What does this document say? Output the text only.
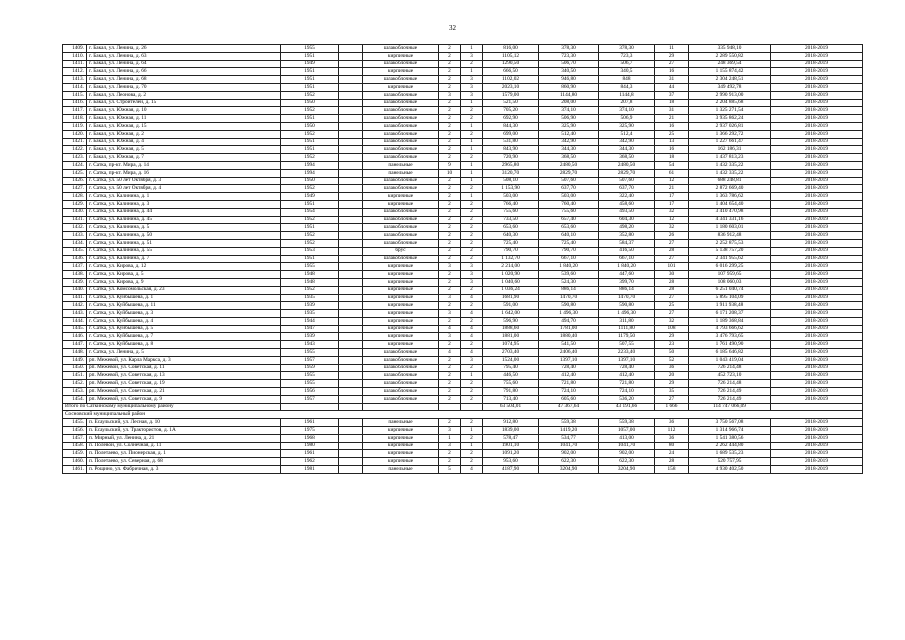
32
1409.	г. Бакал, ул. Ленина, д. 26	1955		шлакоблочные	2	1	816,00	378,30	378,30	11	335 948,10	2018-2019
1410.	г. Бакал, ул. Ленина, д. 63	1951		кирпичные	2	3	1105,12	723,30	723,3	29	2 289 550,82	2018-2019
1411.	г. Бакал, ул. Ленина, д. 64	1949		шлакоблочные	2	2	1290,50	506,70	506,7	27	248 369,54	2018-2019
1412.	г. Бакал, ул. Ленина, д. 66	1951		кирпичные	2	1	666,50	340,50	340,5	16	1 155 874,42	2018-2019
1413.	г. Бакал, ул. Ленина, д. 68	1951		шлакоблочные	2	3	1102,02	946,80	848	31	2 304 248,51	2018-2019
1414.	г. Бакал, ул. Ленина, д. 70	1951		кирпичные	2	3	2023,10	860,90	844,3	44	349 492,78	2018-2019
1415.	г. Бакал, ул. Леонова, д. 2	1952		шлакоблочные	3	3	1579,00	1144,80	1144,8	37	2 990 913,00	2018-2019
1416.	г. Бакал, ул. Строителей, д. 15	1950		шлакоблочные	2	1	521,50	208,00	207,8	18	2 204 885,68	2018-2019
1417.	г. Бакал, ул. Южная, д. 10	1952		шлакоблочные	2	2	705,20	374,10	374,10	31	1 325 271,54	2018-2019
1418.	г. Бакал, ул. Южная, д. 11	1951		шлакоблочные	2	2	692,90	506,90	506,9	21	3 935 862,24	2018-2019
1419.	г. Бакал, ул. Южная, д. 15	1950		шлакоблочные	2	1	844,30	325,90	325,90	16	2 937 026,81	2018-2019
1420.	г. Бакал, ул. Южная, д. 2	1952		шлакоблочные	2	2	699,00	512,40	512,4	25	1 366 292,72	2018-2019
1421.	г. Бакал, ул. Южная, д. 4	1951		шлакоблочные	2	1	531,80	342,90	342,90	13	1 227 661,47	2018-2019
1422.	г. Бакал, ул. Южная, д. 5	1951		шлакоблочные	2	1	843,90	344,30	344,30	16	162 186,31	2018-2019
1423.	г. Бакал, ул. Южная, д. 7	1952		шлакоблочные	2	2	720,90	368,50	368,50	18	1 437 813,23	2018-2019
1424.	г. Сатка, пр-кт. Мира, д. 14	1994		панельные	9	1	2965,80	2480,50	2480,50	54	1 432 335,22	2018-2019
1425.	г. Сатка, пр-кт. Мира, д. 16	1994		панельные	10	1	3120,70	2829,70	2829,70	61	1 432 335,22	2018-2019
1426.	г. Сатка, ул. 50 лет Октября, д. 3	1950		шлакоблочные	2	1	508,10	507,60	507,60	12	688 248,81	2018-2019
1427.	г. Сатка, ул. 50 лет Октября, д. 4	1952		шлакоблочные	2	2	1 153,90	637,70	637,70	21	2 872 669,40	2018-2019
1428.	г. Сатка, ул. Калинина, д. 1	1949		кирпичные	2	1	503,00	503,00	322,40	17	1 363 786,62	2018-2019
1429.	г. Сатка, ул. Калинина, д. 3	1951		кирпичные	2	2	766,40	760,40	458,60	17	1 404 654,40	2018-2019
1430.	г. Сатка, ул. Калинина, д. 44	1954		шлакоблочные	2	2	755,60	755,60	493,50	32	3 410 470,98	2018-2019
1431.	г. Сатка, ул. Калинина, д. 45	1952		шлакоблочные	2	2	733,50	657,40	604,30	12	4 341 331,16	2018-2019
1432.	г. Сатка, ул. Калинина, д. 5	1951		шлакоблочные	2	2	653,60	653,60	498,20	32	1 180 603,01	2018-2019
1433.	г. Сатка, ул. Калинина, д. 50	1952		шлакоблочные	2	2	640,30	640,10	352,80	26	836 912,48	2018-2019
1434.	г. Сатка, ул. Калинина, д. 51	1952		шлакоблочные	2	2	725,40	725,40	584,37	27	2 252 875,53	2018-2019
1435.	г. Сатка, ул. Калинина, д. 55	1953		брус	2	2	790,70	790,70	416,50	28	5 138 757,20	2018-2019
1436.	г. Сатка, ул. Калинина, д. 7	1951		шлакоблочные	2	2	1 132,70	667,10	667,10	27	2 341 955,62	2018-2019
1437.	г. Сатка, ул. Кирова, д. 12	1955		кирпичные	3	3	2 214,00	1 840,20	1 840,20	101	6 016 299,25	2018-2019
1438.	г. Сатка, ул. Кирова, д. 5	1948		кирпичные	2	3	1 020,90	539,60	447,60	30	107 959,65	2018-2019
1439.	г. Сатка, ул. Кирова, д. 9	1948		кирпичные	2	3	1 040,60	524,30	399,70	28	108 060,03	2018-2019
1440.	г. Сатка, ул. Комсомольская, д. 23	1952		кирпичные	2	2	1 036,24	886,14	886,14	28	6 251 040,74	2018-2019
1441.	г. Сатка, ул. Куйбышева, д. 1	1935		кирпичные	3	4	1681,90	1470,70	1470,70	27	5 895 104,09	2018-2019
1442.	г. Сатка, ул. Куйбышева, д. 11	1939		кирпичные	2	2	591,00	590,80	590,80	25	1 911 938,48	2018-2019
1443.	г. Сатка, ул. Куйбышева, д. 3	1935		кирпичные	3	4	1 642,00	1 496,30	1 496,30	27	6 171 208,37	2018-2019
1444.	г. Сатка, ул. Куйбышева, д. 4	1944		кирпичные	2	2	596,90	494,70	311,80	32	1 189 368,84	2018-2019
1445.	г. Сатка, ул. Куйбышева, д. 5	1947		кирпичные	4	4	1888,60	1781,00	1111,80	108	4 793 666,62	2018-2019
1446.	г. Сатка, ул. Куйбышева, д. 7	1939		кирпичные	3	4	1881,00	1880,40	1179,50	29	3 476 793,65	2018-2019
1447.	г. Сатка, ул. Куйбышева, д. 8	1943		кирпичные	2	2	1074,95	541,50	507,55	23	1 761 490,90	2018-2019
1448.	г. Сатка, ул. Ленина, д. 5	1955		шлакоблочные	4	4	2703,40	2406,40	2233,40	50	6 185 646,82	2018-2019
1449.	рп. Межевой, ул. Карла Маркса, д. 3	1957		шлакоблочные	2	3	1524,00	1397,10	1397,10	52	1 043 419,04	2018-2019
1450.	рп. Межевой, ул. Советская, д. 11	1959		шлакоблочные	2	2	795,40	728,40	728,40	36	726 214,48	2018-2019
1451.	рп. Межевой, ул. Советская, д. 13	1955		шлакоблочные	2	1	446,50	412,40	412,40	20	452 723,10	2018-2019
1452.	рп. Межевой, ул. Советская, д. 19	1955		шлакоблочные	2	2	755,60	721,80	721,80	29	726 214,48	2018-2019
1453.	рп. Межевой, ул. Советская, д. 21	1956		шлакоблочные	2	2	791,80	724,10	724,10	35	726 214,49	2018-2019
1454.	рп. Межевой, ул. Советская, д. 9	1957		шлакоблочные	2	2	713,40	605,60	536,20	27	726 214,49	2018-2019
Итого по Саткинскому муниципальному району							63 504,01	47 367,64	43 191,66	1 666	114 747 066,09	
Сосновский муниципальный район												
1455.	п. Есаульский, ул. Лесная, д. 10	1961		панельные	2	2	912,80	559,38	559,38	36	3 750 567,08	2018-2019
1456.	п. Есаульский, ул. Трактористов, д. 1А	1975		кирпичные	3	1	1839,00	1419,20	1057,00	112	1 314 966,74	2018-2019
1457.	п. Мирный, ул. Ленина, д. 21	1968		кирпичные	1	2	578,47	534,77	413,00	36	1 541 380,56	2018-2019
1458.	п. Полевой, ул. Солнечная, д. 11	1980		кирпичные	3	1	1901,10	1041,70	1041,70	80	2 262 444,80	2018-2019
1459.	п. Полетаево, ул. Пионерская, д. 1	1961		кирпичные	2	2	1091,20	902,00	902,00	24	1 689 535,23	2018-2019
1460.	п. Полетаево, ул. Северная, д. 68	1962		кирпичные	2	2	953,60	622,30	622,30	28	520 757,95	2018-2019
1461.	п. Рощино, ул. Фабричная, д. 3	1981		панельные	5	4	4187,90	3204,90	3204,90	158	4 930 402,50	2018-2019
